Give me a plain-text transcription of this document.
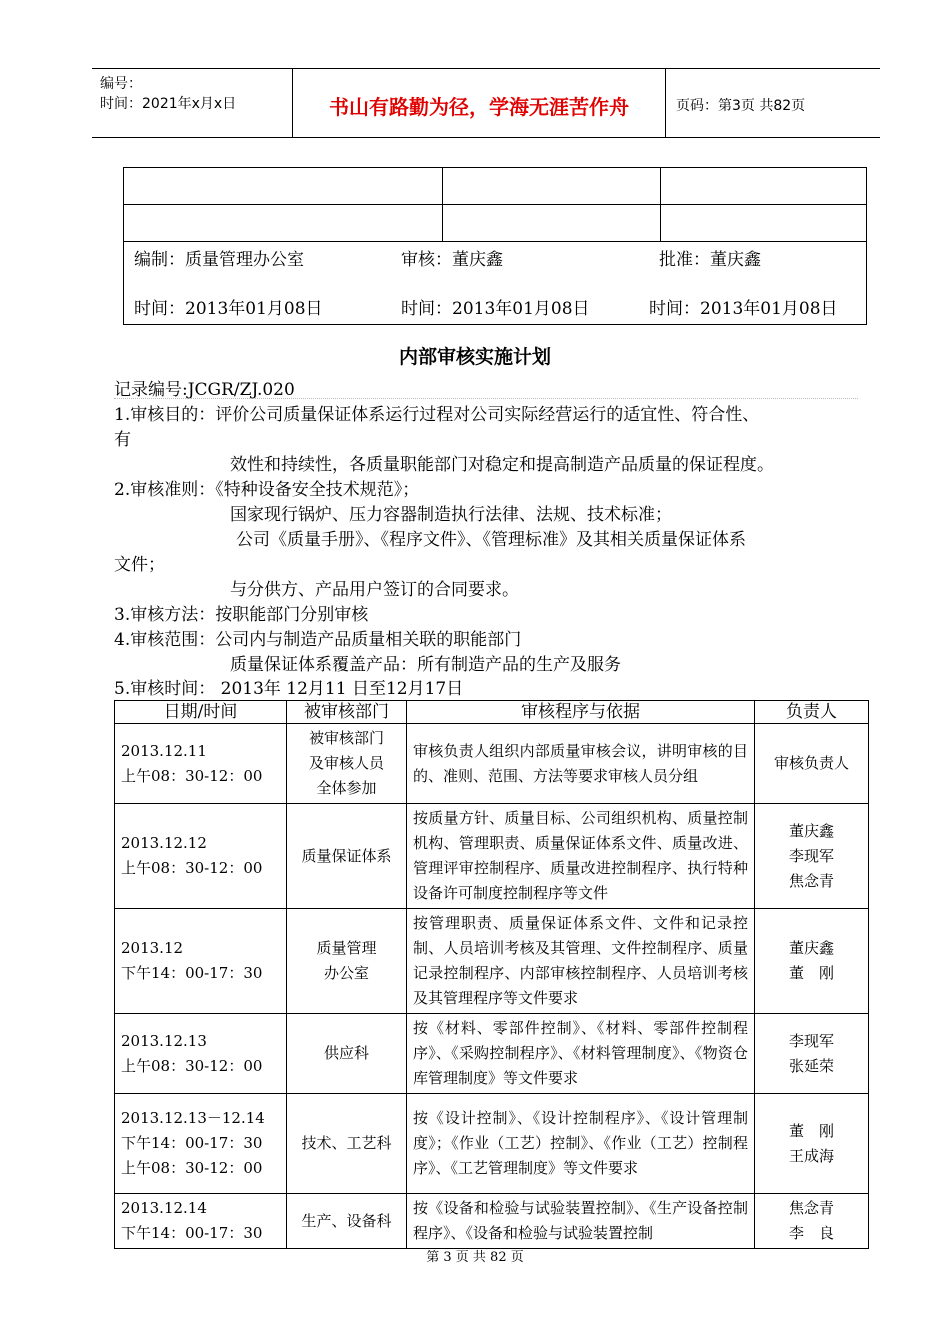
编号：
时间：2021年x月x日	书山有路勤为径，学海无涯苦作舟	页码：第3页 共82页
编制：质量管理办公室	审核：董庆鑫	批准：董庆鑫
时间：2013年01月08日	时间：2013年01月08日	时间：2013年01月08日
内部审核实施计划
记录编号:JCGR/ZJ.020
1.审核目的：评价公司质量保证体系运行过程对公司实际经营运行的适宜性、符合性、
有
效性和持续性，各质量职能部门对稳定和提高制造产品质量的保证程度。
2.审核准则：《特种设备安全技术规范》；
国家现行锅炉、压力容器制造执行法律、法规、技术标准；
公司《质量手册》、《程序文件》、《管理标准》及其相关质量保证体系
文件；
与分供方、产品用户签订的合同要求。
3.审核方法：按职能部门分别审核
4.审核范围：公司内与制造产品质量相关联的职能部门
质量保证体系覆盖产品：所有制造产品的生产及服务
5.审核时间： 2013年 12月11 日至12月17日
日期/时间	被审核部门	审核程序与依据	负责人

2013.12.11
上午08：30-12：00	被审核部门
及审核人员
全体参加	审核负责人组织内部质量审核会议，讲明审核的目的、准则、范围、方法等要求审核人员分组	审核负责人

2013.12.12
上午08：30-12：00	质量保证体系	按质量方针、质量目标、公司组织机构、质量控制机构、管理职责、质量保证体系文件、质量改进、管理评审控制程序、质量改进控制程序、执行特种设备许可制度控制程序等文件	董庆鑫
李现军
焦念青

2013.12
下午14：00-17：30	质量管理
办公室	按管理职责、质量保证体系文件、文件和记录控制、人员培训考核及其管理、文件控制程序、质量记录控制程序、内部审核控制程序、人员培训考核及其管理程序等文件要求	董庆鑫
董　刚

2013.12.13
上午08：30-12：00	供应科	按《材料、零部件控制》、《材料、零部件控制程序》、《采购控制程序》、《材料管理制度》、《物资仓库管理制度》等文件要求	李现军
张延荣

2013.12.13－12.14
下午14：00-17：30
上午08：30-12：00	技术、工艺科	按《设计控制》、《设计控制程序》、《设计管理制度》；《作业（工艺）控制》、《作业（工艺）控制程序》、《工艺管理制度》等文件要求	董　刚
王成海

2013.12.14
下午14：00-17：30	生产、设备科	按《设备和检验与试验装置控制》、《生产设备控制程序》、《设备和检验与试验装置控制	焦念青
李　良
第 3 页 共 82 页
